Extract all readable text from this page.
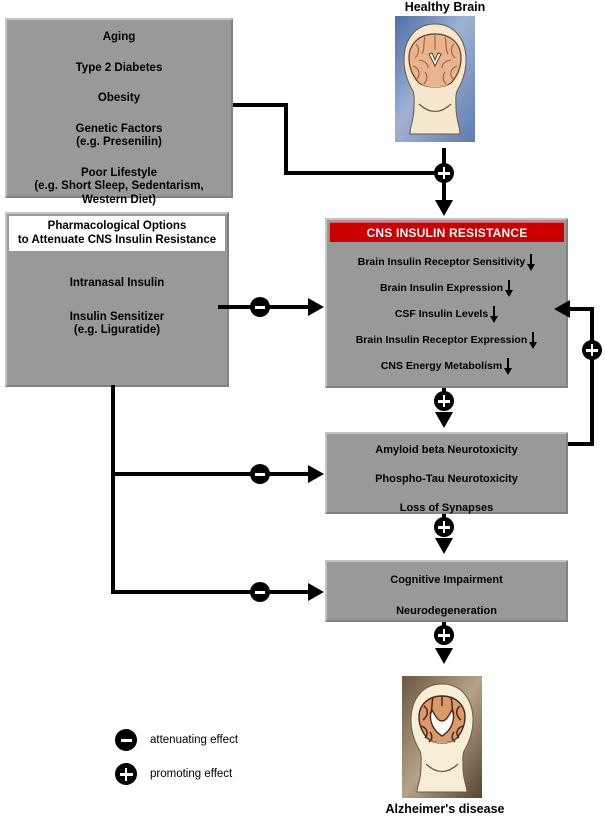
Aging
Type 2 Diabetes
Obesity
Genetic Factors
(e.g. Presenilin)
Poor Lifestyle
(e.g. Short Sleep, Sedentarism,
Western Diet)
Pharmacological Options
to Attenuate CNS Insulin Resistance
Intranasal Insulin
Insulin Sensitizer
(e.g. Liguratide)
CNS INSULIN RESISTANCE
Brain Insulin Receptor Sensitivity
Brain Insulin Expression
CSF Insulin Levels
Brain Insulin Receptor Expression
CNS Energy Metabolism
Amyloid beta Neurotoxicity
Phospho-Tau Neurotoxicity
Loss of Synapses
Cognitive Impairment
Neurodegeneration
Healthy Brain
Alzheimer's disease
attenuating effect
promoting effect
